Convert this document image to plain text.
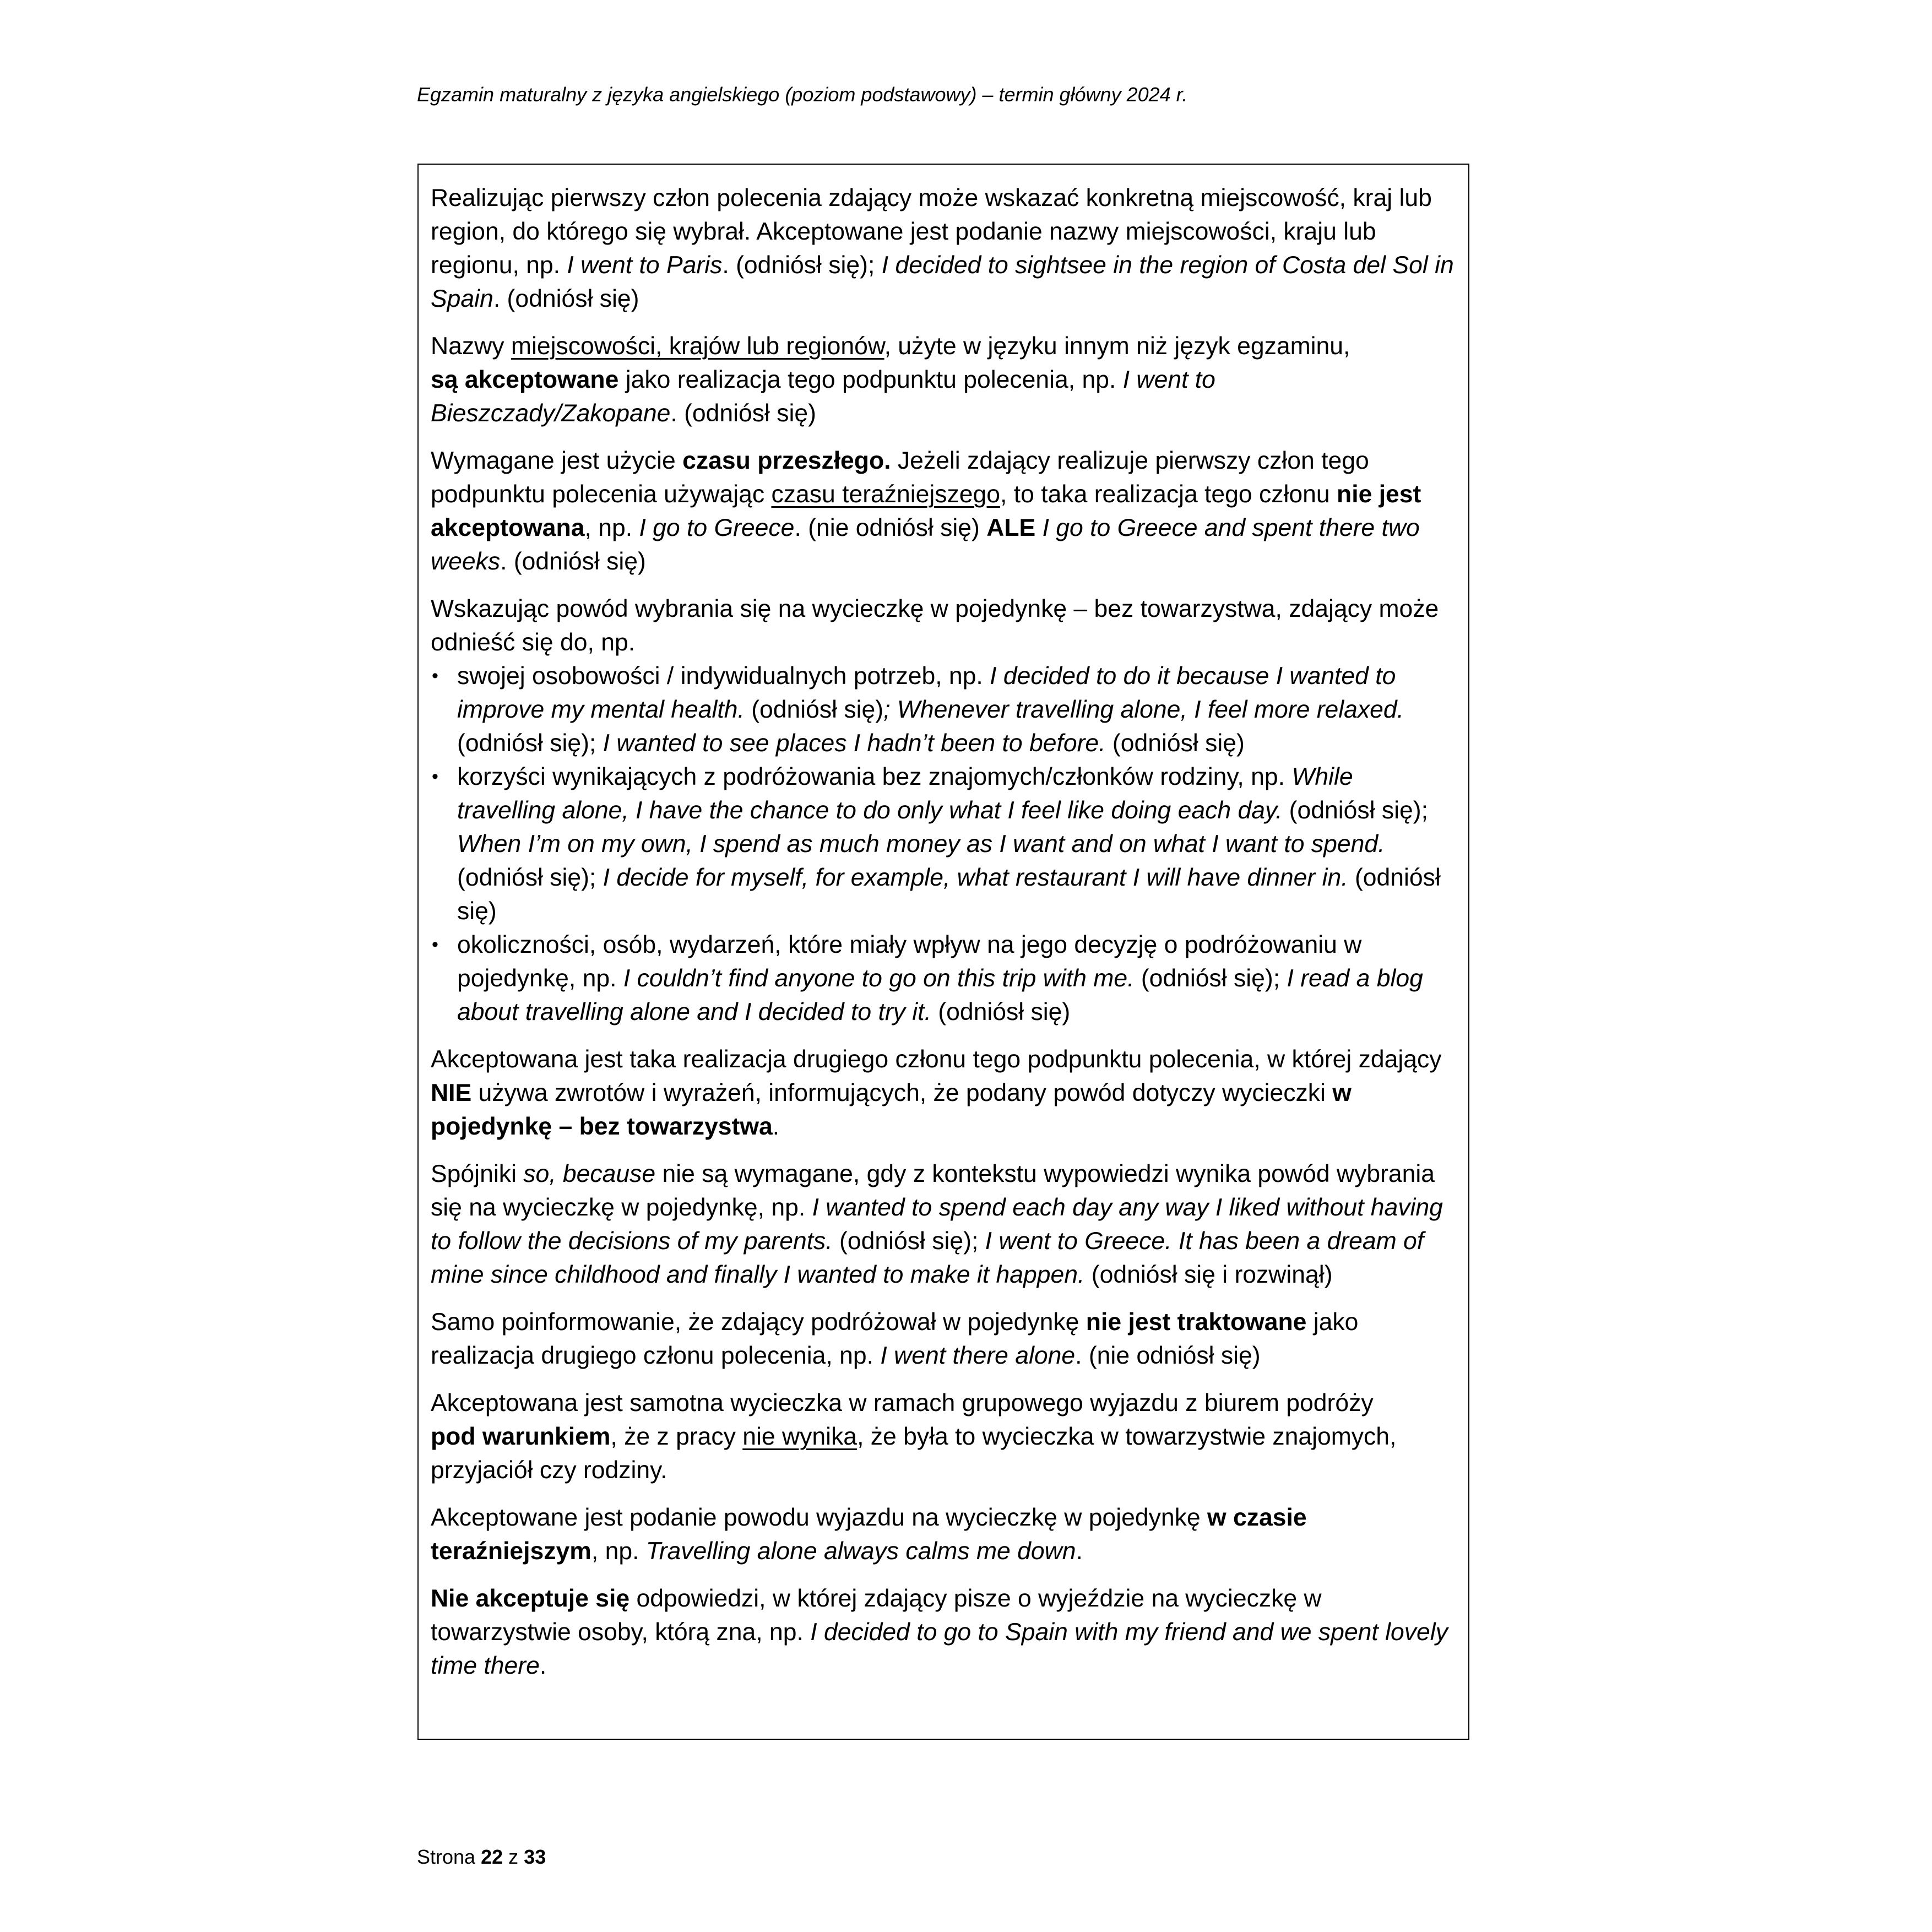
Egzamin maturalny z języka angielskiego (poziom podstawowy) – termin główny 2024 r.

Realizując pierwszy człon polecenia zdający może wskazać konkretną miejscowość, kraj lub region, do którego się wybrał. Akceptowane jest podanie nazwy miejscowości, kraju lub regionu, np. I went to Paris. (odniósł się); I decided to sightsee in the region of Costa del Sol in Spain. (odniósł się)

Nazwy miejscowości, krajów lub regionów, użyte w języku innym niż język egzaminu,
są akceptowane jako realizacja tego podpunktu polecenia, np. I went to Bieszczady/Zakopane. (odniósł się)

Wymagane jest użycie czasu przeszłego. Jeżeli zdający realizuje pierwszy człon tego podpunktu polecenia używając czasu teraźniejszego, to taka realizacja tego członu nie jest akceptowana, np. I go to Greece. (nie odniósł się) ALE I go to Greece and spent there two weeks. (odniósł się)

Wskazując powód wybrania się na wycieczkę w pojedynkę – bez towarzystwa, zdający może odnieść się do, np.

• swojej osobowości / indywidualnych potrzeb, np. I decided to do it because I wanted to improve my mental health. (odniósł się); Whenever travelling alone, I feel more relaxed.
(odniósł się); I wanted to see places I hadn’t been to before. (odniósł się)
• korzyści wynikających z podróżowania bez znajomych/członków rodziny, np. While travelling alone, I have the chance to do only what I feel like doing each day. (odniósł się); When I’m on my own, I spend as much money as I want and on what I want to spend. (odniósł się); I decide for myself, for example, what restaurant I will have dinner in. (odniósł się)
• okoliczności, osób, wydarzeń, które miały wpływ na jego decyzję o podróżowaniu w pojedynkę, np. I couldn’t find anyone to go on this trip with me. (odniósł się); I read a blog about travelling alone and I decided to try it. (odniósł się)

Akceptowana jest taka realizacja drugiego członu tego podpunktu polecenia, w której zdający NIE używa zwrotów i wyrażeń, informujących, że podany powód dotyczy wycieczki w pojedynkę – bez towarzystwa.

Spójniki so, because nie są wymagane, gdy z kontekstu wypowiedzi wynika powód wybrania się na wycieczkę w pojedynkę, np. I wanted to spend each day any way I liked without having to follow the decisions of my parents. (odniósł się); I went to Greece. It has been a dream of mine since childhood and finally I wanted to make it happen. (odniósł się i rozwinął)

Samo poinformowanie, że zdający podróżował w pojedynkę nie jest traktowane jako realizacja drugiego członu polecenia, np. I went there alone. (nie odniósł się)

Akceptowana jest samotna wycieczka w ramach grupowego wyjazdu z biurem podróży
pod warunkiem, że z pracy nie wynika, że była to wycieczka w towarzystwie znajomych, przyjaciół czy rodziny.

Akceptowane jest podanie powodu wyjazdu na wycieczkę w pojedynkę w czasie teraźniejszym, np. Travelling alone always calms me down.

Nie akceptuje się odpowiedzi, w której zdający pisze o wyjeździe na wycieczkę w towarzystwie osoby, którą zna, np. I decided to go to Spain with my friend and we spent lovely time there.

Strona 22 z 33
